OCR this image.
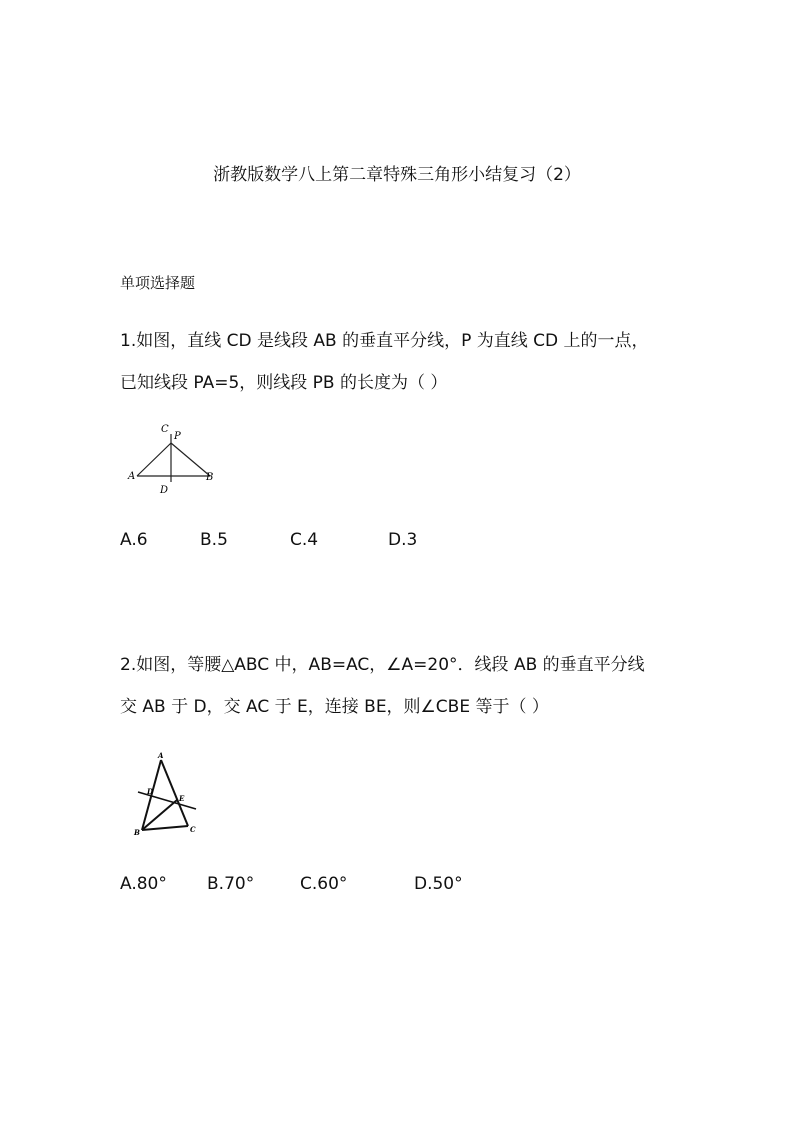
浙教版数学八上第二章特殊三角形小结复习（2）
单项选择题
1.如图，直线 CD 是线段 AB 的垂直平分线，P 为直线 CD 上的一点，
已知线段 PA=5，则线段 PB 的长度为（ ）
C
P
A	B
D
A.6	B.5	C.4	D.3
2.如图，等腰△ABC 中，AB=AC，∠A=20°．线段 AB 的垂直平分线
交 AB 于 D，交 AC 于 E，连接 BE，则∠CBE 等于（ ）
A
D
E
B	C
A.80° B.70°	C.60°	D.50°
